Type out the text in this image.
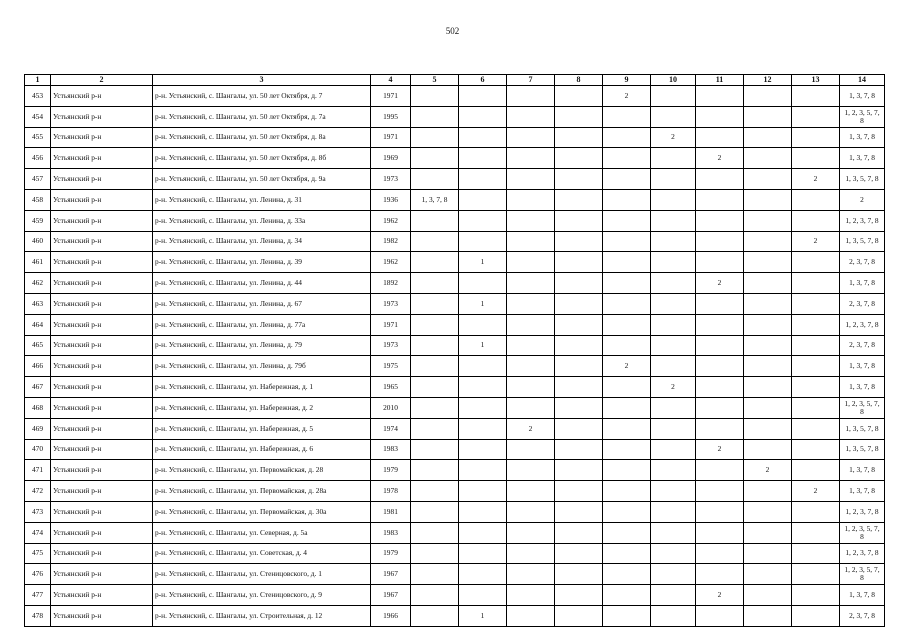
502
1	2	3	4	5	6	7	8	9	10	11	12	13	14
453	Устьянский р-н	р-н. Устьянский, с. Шангалы, ул. 50 лет Октября, д. 7	1971					2					1, 3, 7, 8
454	Устьянский р-н	р-н. Устьянский, с. Шангалы, ул. 50 лет Октября, д. 7а	1995										1, 2, 3, 5, 7, 8
455	Устьянский р-н	р-н. Устьянский, с. Шангалы, ул. 50 лет Октября, д. 8а	1971						2				1, 3, 7, 8
456	Устьянский р-н	р-н. Устьянский, с. Шангалы, ул. 50 лет Октября, д. 8б	1969							2			1, 3, 7, 8
457	Устьянский р-н	р-н. Устьянский, с. Шангалы, ул. 50 лет Октября, д. 9а	1973									2	1, 3, 5, 7, 8
458	Устьянский р-н	р-н. Устьянский, с. Шангалы, ул. Ленина, д. 31	1936	1, 3, 7, 8									2
459	Устьянский р-н	р-н. Устьянский, с. Шангалы, ул. Ленина, д. 33а	1962										1, 2, 3, 7, 8
460	Устьянский р-н	р-н. Устьянский, с. Шангалы, ул. Ленина, д. 34	1982									2	1, 3, 5, 7, 8
461	Устьянский р-н	р-н. Устьянский, с. Шангалы, ул. Ленина, д. 39	1962		1								2, 3, 7, 8
462	Устьянский р-н	р-н. Устьянский, с. Шангалы, ул. Ленина, д. 44	1892							2			1, 3, 7, 8
463	Устьянский р-н	р-н. Устьянский, с. Шангалы, ул. Ленина, д. 67	1973		1								2, 3, 7, 8
464	Устьянский р-н	р-н. Устьянский, с. Шангалы, ул. Ленина, д. 77а	1971										1, 2, 3, 7, 8
465	Устьянский р-н	р-н. Устьянский, с. Шангалы, ул. Ленина, д. 79	1973		1								2, 3, 7, 8
466	Устьянский р-н	р-н. Устьянский, с. Шангалы, ул. Ленина, д. 79б	1975					2					1, 3, 7, 8
467	Устьянский р-н	р-н. Устьянский, с. Шангалы, ул. Набережная, д. 1	1965						2				1, 3, 7, 8
468	Устьянский р-н	р-н. Устьянский, с. Шангалы, ул. Набережная, д. 2	2010										1, 2, 3, 5, 7, 8
469	Устьянский р-н	р-н. Устьянский, с. Шангалы, ул. Набережная, д. 5	1974			2							1, 3, 5, 7, 8
470	Устьянский р-н	р-н. Устьянский, с. Шангалы, ул. Набережная, д. 6	1983							2			1, 3, 5, 7, 8
471	Устьянский р-н	р-н. Устьянский, с. Шангалы, ул. Первомайская, д. 28	1979								2		1, 3, 7, 8
472	Устьянский р-н	р-н. Устьянский, с. Шангалы, ул. Первомайская, д. 28а	1978									2	1, 3, 7, 8
473	Устьянский р-н	р-н. Устьянский, с. Шангалы, ул. Первомайская, д. 30а	1981										1, 2, 3, 7, 8
474	Устьянский р-н	р-н. Устьянский, с. Шангалы, ул. Северная, д. 5а	1983										1, 2, 3, 5, 7, 8
475	Устьянский р-н	р-н. Устьянский, с. Шангалы, ул. Советская, д. 4	1979										1, 2, 3, 7, 8
476	Устьянский р-н	р-н. Устьянский, с. Шангалы, ул. Стеницовского, д. 1	1967										1, 2, 3, 5, 7, 8
477	Устьянский р-н	р-н. Устьянский, с. Шангалы, ул. Стеницовского, д. 9	1967							2			1, 3, 7, 8
478	Устьянский р-н	р-н. Устьянский, с. Шангалы, ул. Строительная, д. 12	1966		1								2, 3, 7, 8
